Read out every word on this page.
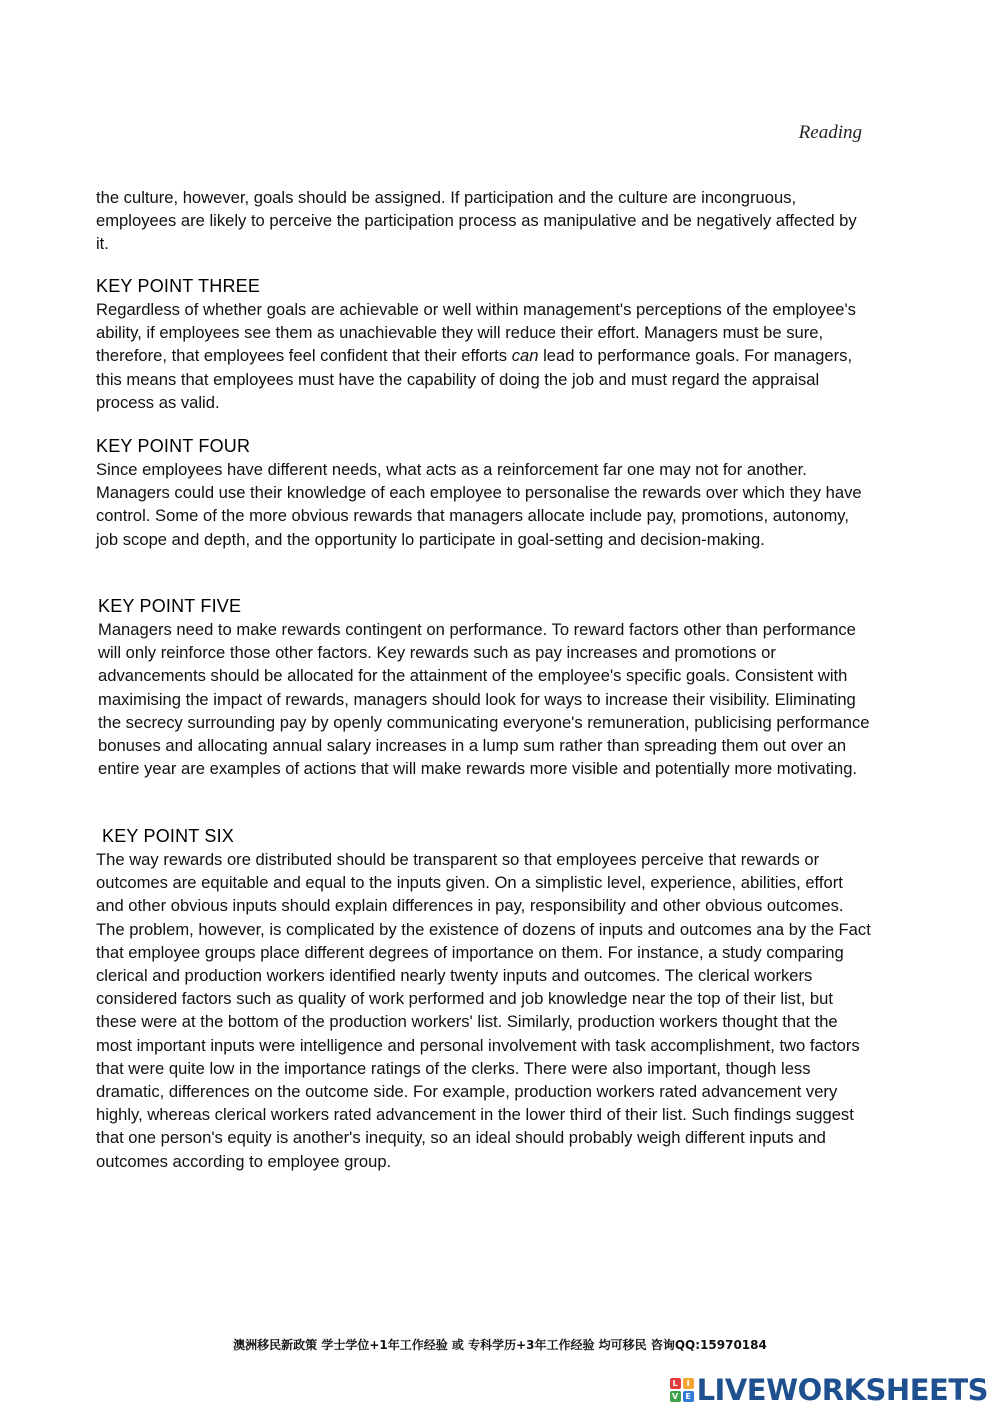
Reading

the culture, however, goals should be assigned. If participation and the culture are incongruous, employees are likely to perceive the participation process as manipulative and be negatively affected by it.

KEY POINT THREE

Regardless of whether goals are achievable or well within management's perceptions of the employee's ability, if employees see them as unachievable they will reduce their effort. Managers must be sure, therefore, that employees feel confident that their efforts can lead to performance goals. For managers, this means that employees must have the capability of doing the job and must regard the appraisal process as valid.

KEY POINT FOUR

Since employees have different needs, what acts as a reinforcement far one may not for another. Managers could use their knowledge of each employee to personalise the rewards over which they have control. Some of the more obvious rewards that managers allocate include pay, promotions, autonomy, job scope and depth, and the opportunity lo participate in goal-setting and decision-making.

KEY POINT FIVE

Managers need to make rewards contingent on performance. To reward factors other than performance will only reinforce those other factors. Key rewards such as pay increases and promotions or advancements should be allocated for the attainment of the employee's specific goals. Consistent with maximising the impact of rewards, managers should look for ways to increase their visibility. Eliminating the secrecy surrounding pay by openly communicating everyone's remuneration, publicising performance bonuses and allocating annual salary increases in a lump sum rather than spreading them out over an entire year are examples of actions that will make rewards more visible and potentially more motivating.

KEY POINT SIX

The way rewards ore distributed should be transparent so that employees perceive that rewards or outcomes are equitable and equal to the inputs given. On a simplistic level, experience, abilities, effort and other obvious inputs should explain differences in pay, responsibility and other obvious outcomes. The problem, however, is complicated by the existence of dozens of inputs and outcomes ana by the Fact that employee groups place different degrees of importance on them. For instance, a study comparing clerical and production workers identified nearly twenty inputs and outcomes. The clerical workers considered factors such as quality of work performed and job knowledge near the top of their list, but these were at the bottom of the production workers' list. Similarly, production workers thought that the most important inputs were intelligence and personal involvement with task accomplishment, two factors that were quite low in the importance ratings of the clerks. There were also important, though less dramatic, differences on the outcome side. For example, production workers rated advancement very highly, whereas clerical workers rated advancement in the lower third of their list. Such findings suggest that one person's equity is another's inequity, so an ideal should probably weigh different inputs and outcomes according to employee group.

澳洲移民新政策 学士学位+1年工作经验 或 专科学历+3年工作经验 均可移民 咨询QQ:15970184
L	I
V E LIVEWORKSHEETS
